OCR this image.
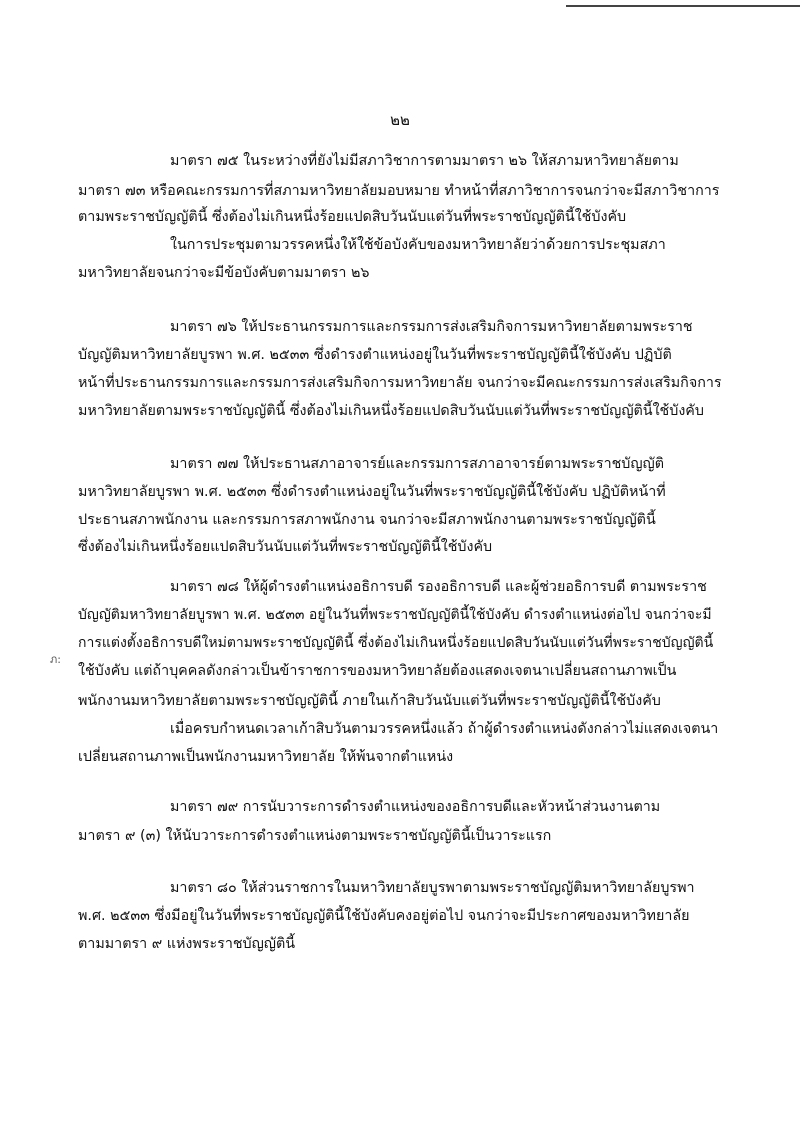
ภ:
๒๒
มาตรา ๗๕ ในระหว่างที่ยังไม่มีสภาวิชาการตามมาตรา ๒๖ ให้สภามหาวิทยาลัยตาม
มาตรา ๗๓ หรือคณะกรรมการที่สภามหาวิทยาลัยมอบหมาย ทำหน้าที่สภาวิชาการจนกว่าจะมีสภาวิชาการ
ตามพระราชบัญญัตินี้ ซึ่งต้องไม่เกินหนึ่งร้อยแปดสิบวันนับแต่วันที่พระราชบัญญัตินี้ใช้บังคับ
ในการประชุมตามวรรคหนึ่งให้ใช้ข้อบังคับของมหาวิทยาลัยว่าด้วยการประชุมสภา
มหาวิทยาลัยจนกว่าจะมีข้อบังคับตามมาตรา ๒๖
มาตรา ๗๖ ให้ประธานกรรมการและกรรมการส่งเสริมกิจการมหาวิทยาลัยตามพระราช
บัญญัติมหาวิทยาลัยบูรพา พ.ศ. ๒๕๓๓ ซึ่งดำรงตำแหน่งอยู่ในวันที่พระราชบัญญัตินี้ใช้บังคับ ปฏิบัติ
หน้าที่ประธานกรรมการและกรรมการส่งเสริมกิจการมหาวิทยาลัย จนกว่าจะมีคณะกรรมการส่งเสริมกิจการ
มหาวิทยาลัยตามพระราชบัญญัตินี้ ซึ่งต้องไม่เกินหนึ่งร้อยแปดสิบวันนับแต่วันที่พระราชบัญญัตินี้ใช้บังคับ
มาตรา ๗๗ ให้ประธานสภาอาจารย์และกรรมการสภาอาจารย์ตามพระราชบัญญัติ
มหาวิทยาลัยบูรพา พ.ศ. ๒๕๓๓ ซึ่งดำรงตำแหน่งอยู่ในวันที่พระราชบัญญัตินี้ใช้บังคับ ปฏิบัติหน้าที่
ประธานสภาพนักงาน และกรรมการสภาพนักงาน จนกว่าจะมีสภาพนักงานตามพระราชบัญญัตินี้
ซึ่งต้องไม่เกินหนึ่งร้อยแปดสิบวันนับแต่วันที่พระราชบัญญัตินี้ใช้บังคับ
มาตรา ๗๘ ให้ผู้ดำรงตำแหน่งอธิการบดี รองอธิการบดี และผู้ช่วยอธิการบดี ตามพระราช
บัญญัติมหาวิทยาลัยบูรพา พ.ศ. ๒๕๓๓ อยู่ในวันที่พระราชบัญญัตินี้ใช้บังคับ ดำรงตำแหน่งต่อไป จนกว่าจะมี
การแต่งตั้งอธิการบดีใหม่ตามพระราชบัญญัตินี้ ซึ่งต้องไม่เกินหนึ่งร้อยแปดสิบวันนับแต่วันที่พระราชบัญญัตินี้
ใช้บังคับ แต่ถ้าบุคคลดังกล่าวเป็นข้าราชการของมหาวิทยาลัยต้องแสดงเจตนาเปลี่ยนสถานภาพเป็น
พนักงานมหาวิทยาลัยตามพระราชบัญญัตินี้ ภายในเก้าสิบวันนับแต่วันที่พระราชบัญญัตินี้ใช้บังคับ
เมื่อครบกำหนดเวลาเก้าสิบวันตามวรรคหนึ่งแล้ว ถ้าผู้ดำรงตำแหน่งดังกล่าวไม่แสดงเจตนา
เปลี่ยนสถานภาพเป็นพนักงานมหาวิทยาลัย ให้พ้นจากตำแหน่ง
มาตรา ๗๙ การนับวาระการดำรงตำแหน่งของอธิการบดีและหัวหน้าส่วนงานตาม
มาตรา ๙ (๓) ให้นับวาระการดำรงตำแหน่งตามพระราชบัญญัตินี้เป็นวาระแรก
มาตรา ๘๐ ให้ส่วนราชการในมหาวิทยาลัยบูรพาตามพระราชบัญญัติมหาวิทยาลัยบูรพา
พ.ศ. ๒๕๓๓ ซึ่งมีอยู่ในวันที่พระราชบัญญัตินี้ใช้บังคับคงอยู่ต่อไป จนกว่าจะมีประกาศของมหาวิทยาลัย
ตามมาตรา ๙ แห่งพระราชบัญญัตินี้
